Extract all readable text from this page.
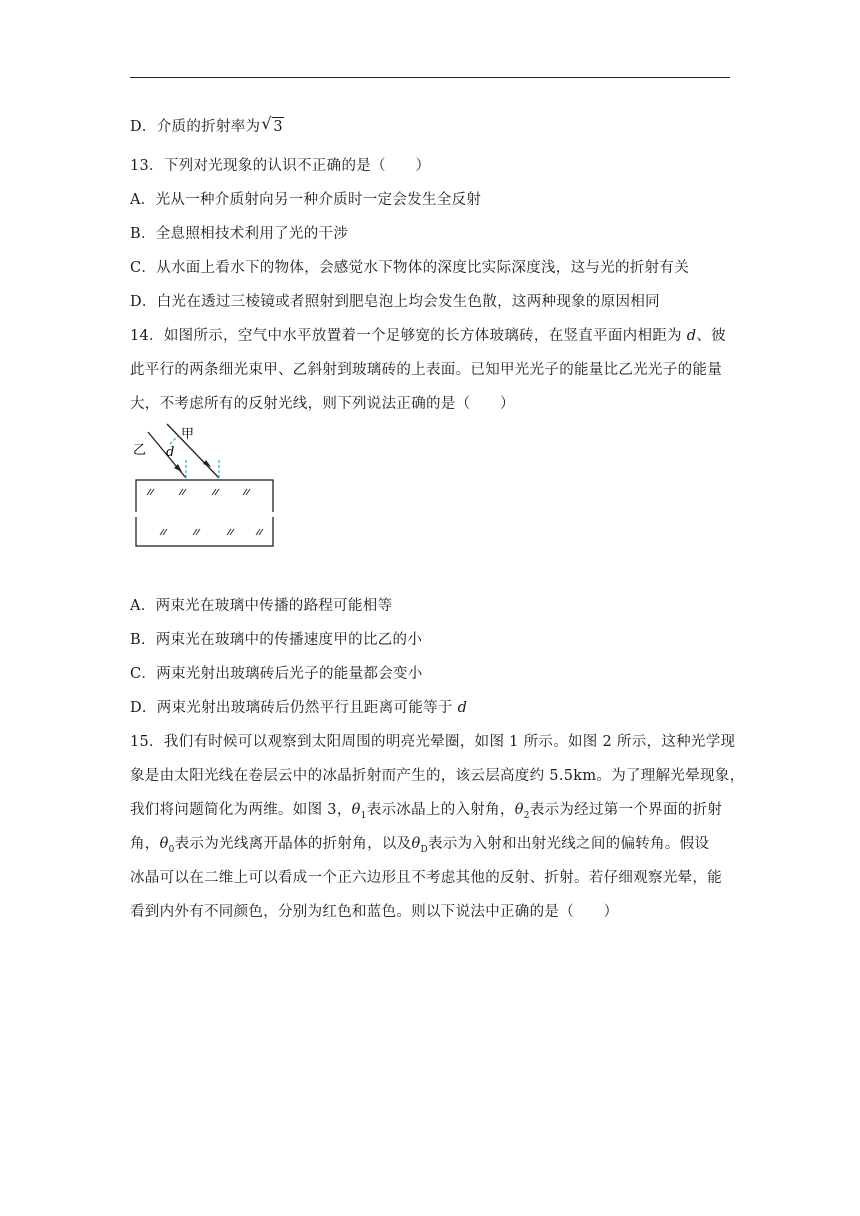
D．介质的折射率为 √ 3
13．下列对光现象的认识不正确的是（　　）
A．光从一种介质射向另一种介质时一定会发生全反射
B．全息照相技术利用了光的干涉
C．从水面上看水下的物体，会感觉水下物体的深度比实际深度浅，这与光的折射有关
D．白光在透过三棱镜或者照射到肥皂泡上均会发生色散，这两种现象的原因相同
14．如图所示，空气中水平放置着一个足够宽的长方体玻璃砖，在竖直平面内相距为 d、彼
此平行的两条细光束甲、乙斜射到玻璃砖的上表面。已知甲光光子的能量比乙光光子的能量
大，不考虑所有的反射光线，则下列说法正确的是（　　）
乙
甲
d
A．两束光在玻璃中传播的路程可能相等
B．两束光在玻璃中的传播速度甲的比乙的小
C．两束光射出玻璃砖后光子的能量都会变小
D．两束光射出玻璃砖后仍然平行且距离可能等于 d
15．我们有时候可以观察到太阳周围的明亮光晕圈，如图 1 所示。如图 2 所示，这种光学现
象是由太阳光线在卷层云中的冰晶折射而产生的，该云层高度约 5.5km。为了理解光晕现象，
我们将问题简化为两维。如图 3，$\theta_1$表示冰晶上的入射角，$\theta_2$表示为经过第一个界面的折射
角，$\theta_0$表示为光线离开晶体的折射角，以及$\theta_D$表示为入射和出射光线之间的偏转角。假设
冰晶可以在二维上可以看成一个正六边形且不考虑其他的反射、折射。若仔细观察光晕，能
看到内外有不同颜色，分别为红色和蓝色。则以下说法中正确的是（　　）
